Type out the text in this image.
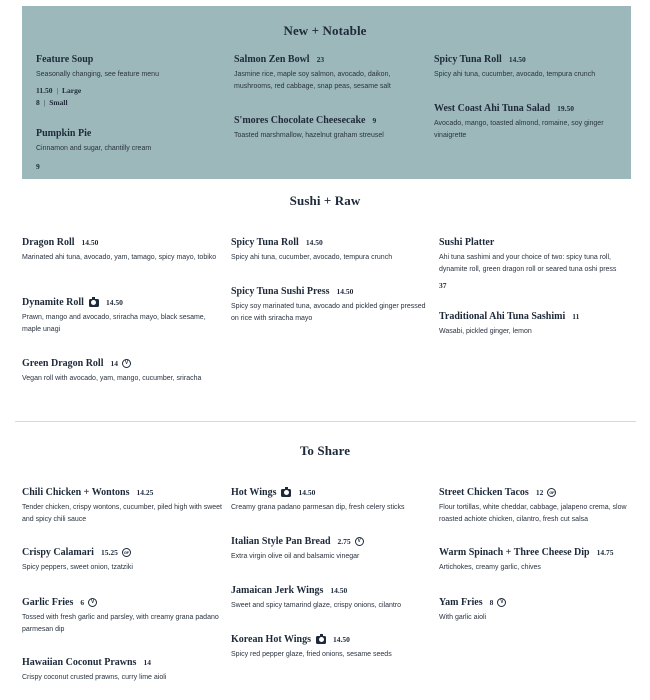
New + Notable
Feature Soup
Seasonally changing, see feature menu
11.50 | Large
8 | Small
Pumpkin Pie
Cinnamon and sugar, chantilly cream
9
Salmon Zen Bowl 23
Jasmine rice, maple soy salmon, avocado, daikon, mushrooms, red cabbage, snap peas, sesame salt
S'mores Chocolate Cheesecake 9
Toasted marshmallow, hazelnut graham streusel
Spicy Tuna Roll 14.50
Spicy ahi tuna, cucumber, avocado, tempura crunch
West Coast Ahi Tuna Salad 19.50
Avocado, mango, toasted almond, romaine, soy ginger vinaigrette
Sushi + Raw
Dragon Roll 14.50
Marinated ahi tuna, avocado, yam, tamago, spicy mayo, tobiko
Dynamite Roll	14.50
Prawn, mango and avocado, sriracha mayo, black sesame, maple unagi
Green Dragon Roll 14	V
Vegan roll with avocado, yam, mango, cucumber, sriracha
Spicy Tuna Roll 14.50
Spicy ahi tuna, cucumber, avocado, tempura crunch
Spicy Tuna Sushi Press 14.50
Spicy soy marinated tuna, avocado and pickled ginger pressed on rice with sriracha mayo
Sushi Platter
Ahi tuna sashimi and your choice of two: spicy tuna roll, dynamite roll, green dragon roll or seared tuna oshi press
37
Traditional Ahi Tuna Sashimi 11
Wasabi, pickled ginger, lemon
To Share
Chili Chicken + Wontons 14.25
Tender chicken, crispy wontons, cucumber, piled high with sweet and spicy chili sauce
Crispy Calamari 15.25	GF
Spicy peppers, sweet onion, tzatziki
Garlic Fries 6	V
Tossed with fresh garlic and parsley, with creamy grana padano parmesan dip
Hawaiian Coconut Prawns 14
Crispy coconut crusted prawns, curry lime aioli
Hot Wings	14.50
Creamy grana padano parmesan dip, fresh celery sticks
Italian Style Pan Bread 2.75	V
Extra virgin olive oil and balsamic vinegar
Jamaican Jerk Wings 14.50
Sweet and spicy tamarind glaze, crispy onions, cilantro
Korean Hot Wings	14.50
Spicy red pepper glaze, fried onions, sesame seeds
Street Chicken Tacos 12	GF
Flour tortillas, white cheddar, cabbage, jalapeno crema, slow roasted achiote chicken, cilantro, fresh cut salsa
Warm Spinach + Three Cheese Dip 14.75
Artichokes, creamy garlic, chives
Yam Fries 8	V
With garlic aioli
